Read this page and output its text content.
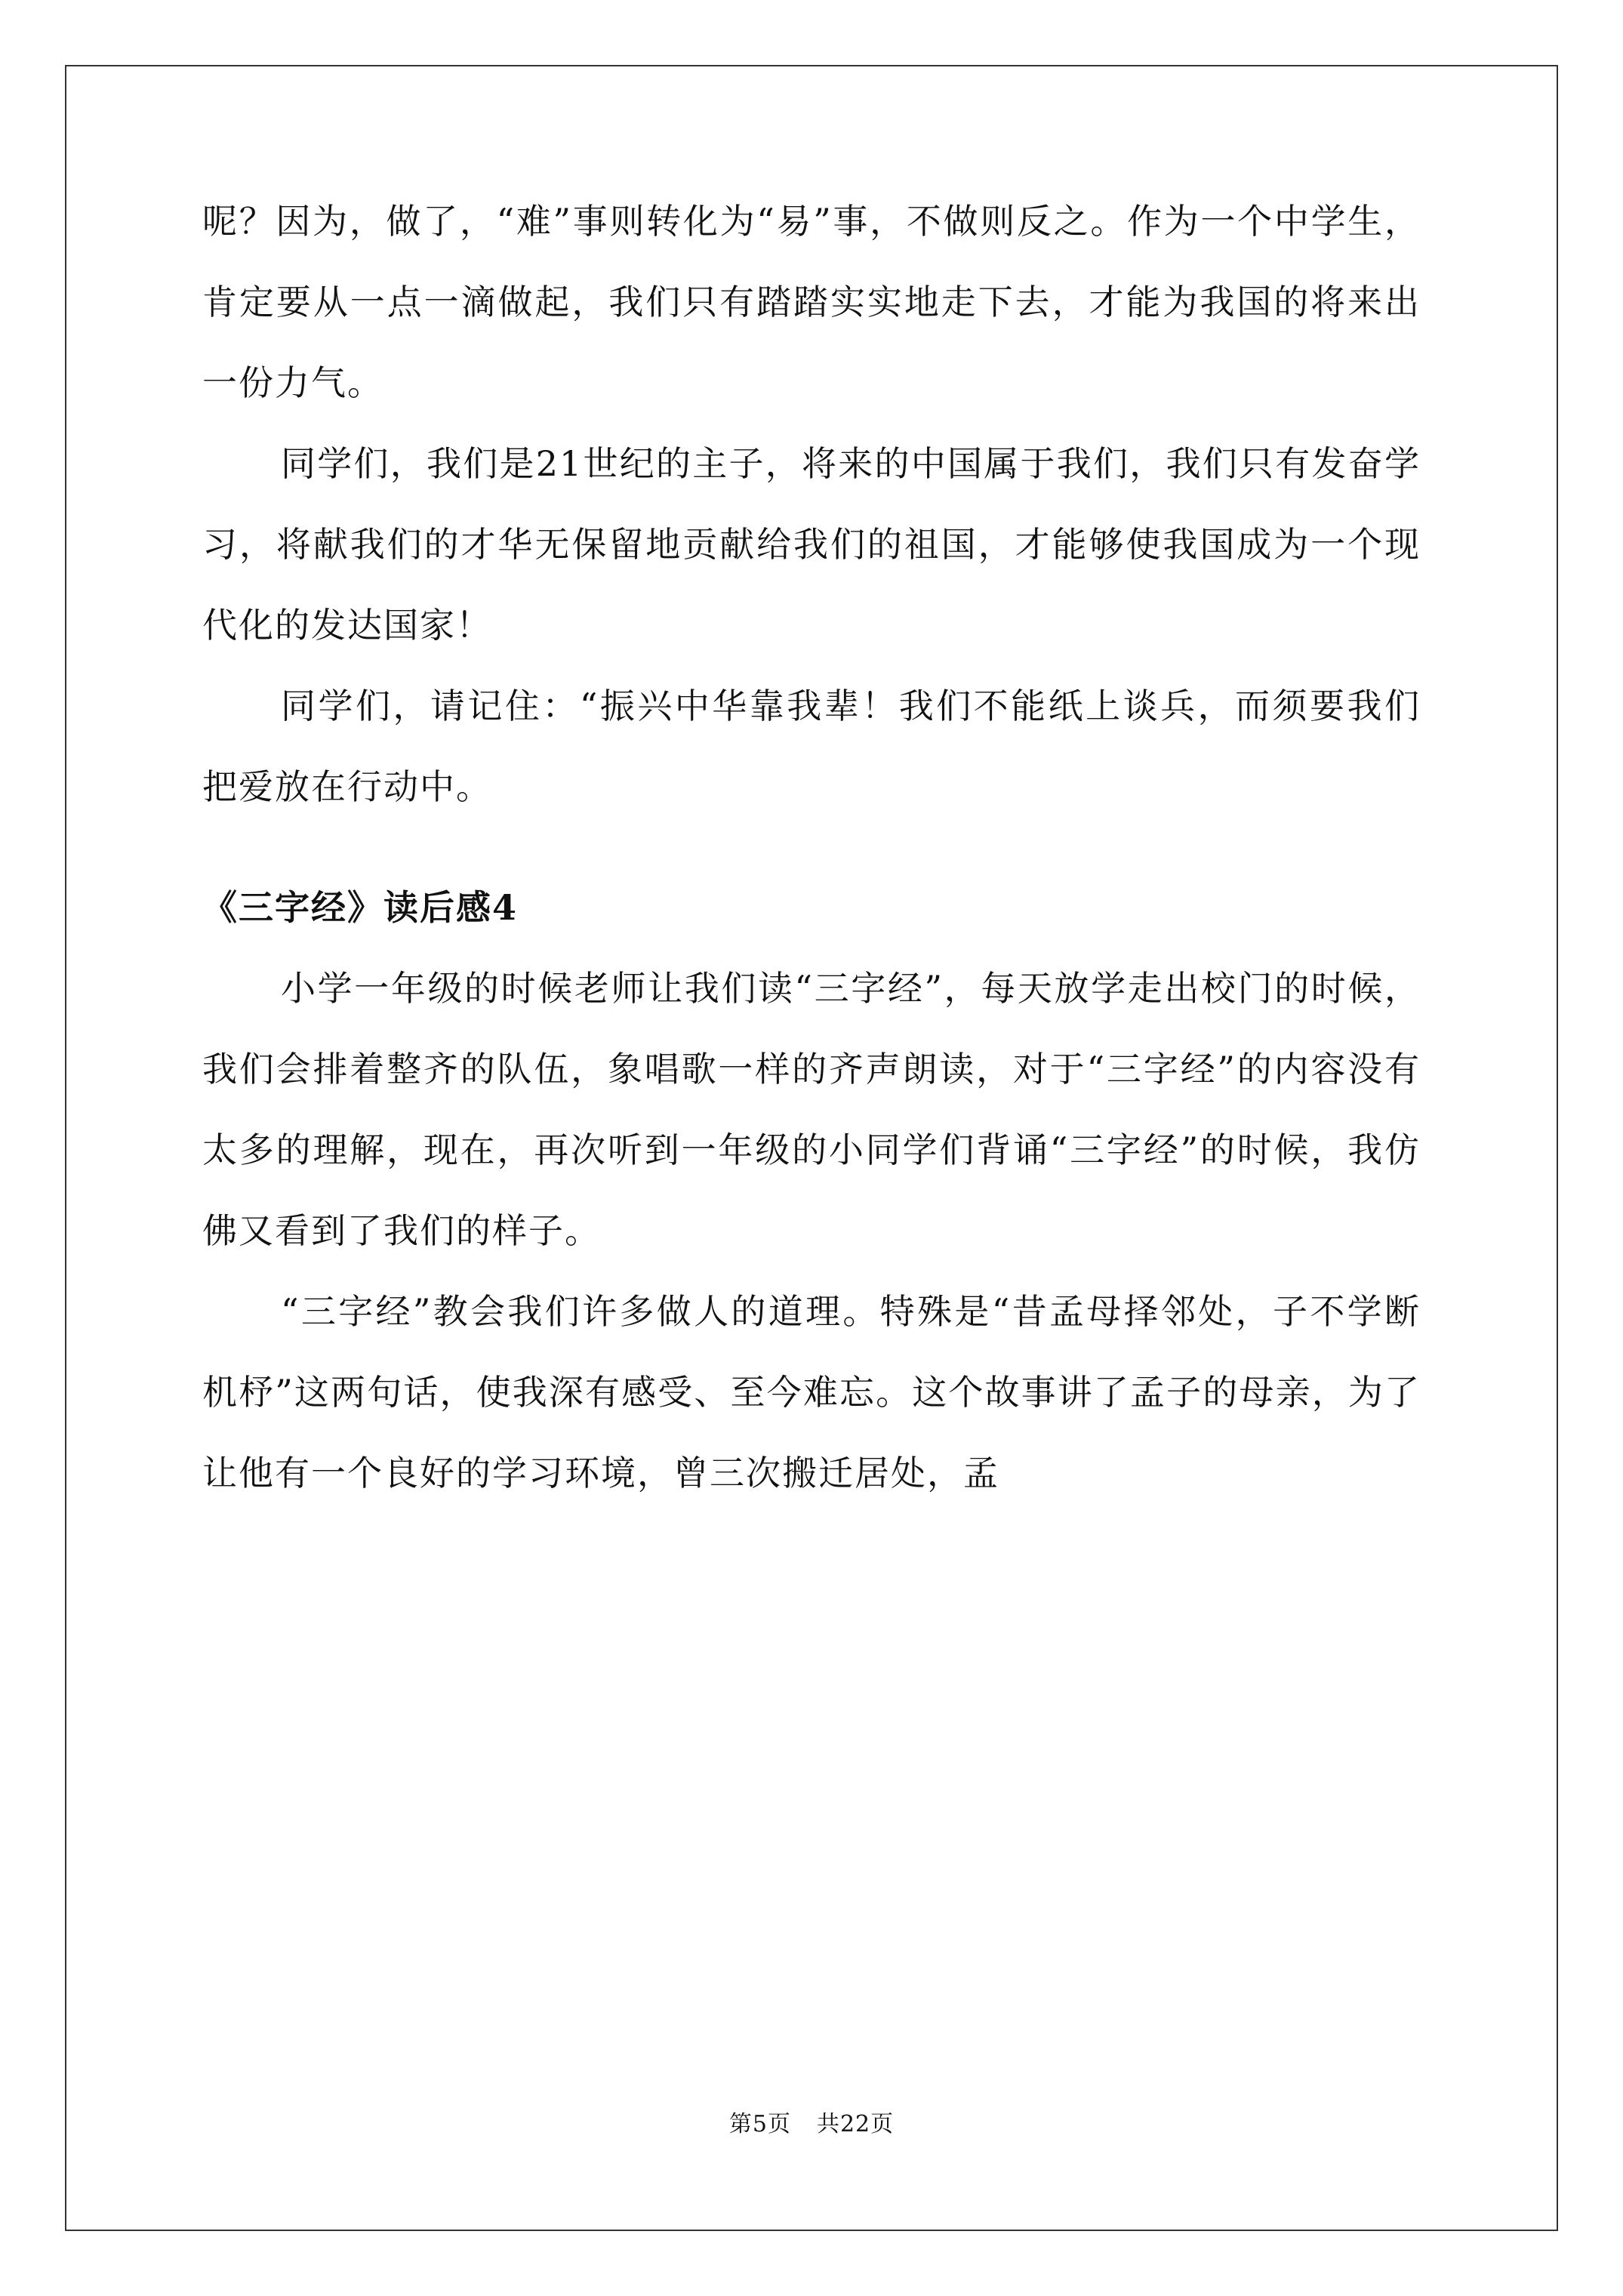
呢？因为，做了，“难”事则转化为“易”事，不做则反之。作为一个中学生，肯定要从一点一滴做起，我们只有踏踏实实地走下去，才能为我国的将来出一份力气。

同学们，我们是21世纪的主子，将来的中国属于我们，我们只有发奋学习，将献我们的才华无保留地贡献给我们的祖国，才能够使我国成为一个现代化的发达国家！

同学们，请记住：“振兴中华靠我辈！我们不能纸上谈兵，而须要我们把爱放在行动中。

《三字经》读后感4

小学一年级的时候老师让我们读“三字经”，每天放学走出校门的时候，我们会排着整齐的队伍，象唱歌一样的齐声朗读，对于“三字经”的内容没有太多的理解，现在，再次听到一年级的小同学们背诵“三字经”的时候，我仿佛又看到了我们的样子。

“三字经”教会我们许多做人的道理。特殊是“昔孟母择邻处，子不学断机杼”这两句话，使我深有感受、至今难忘。这个故事讲了孟子的母亲，为了让他有一个良好的学习环境，曾三次搬迁居处，孟

第5页 共22页
